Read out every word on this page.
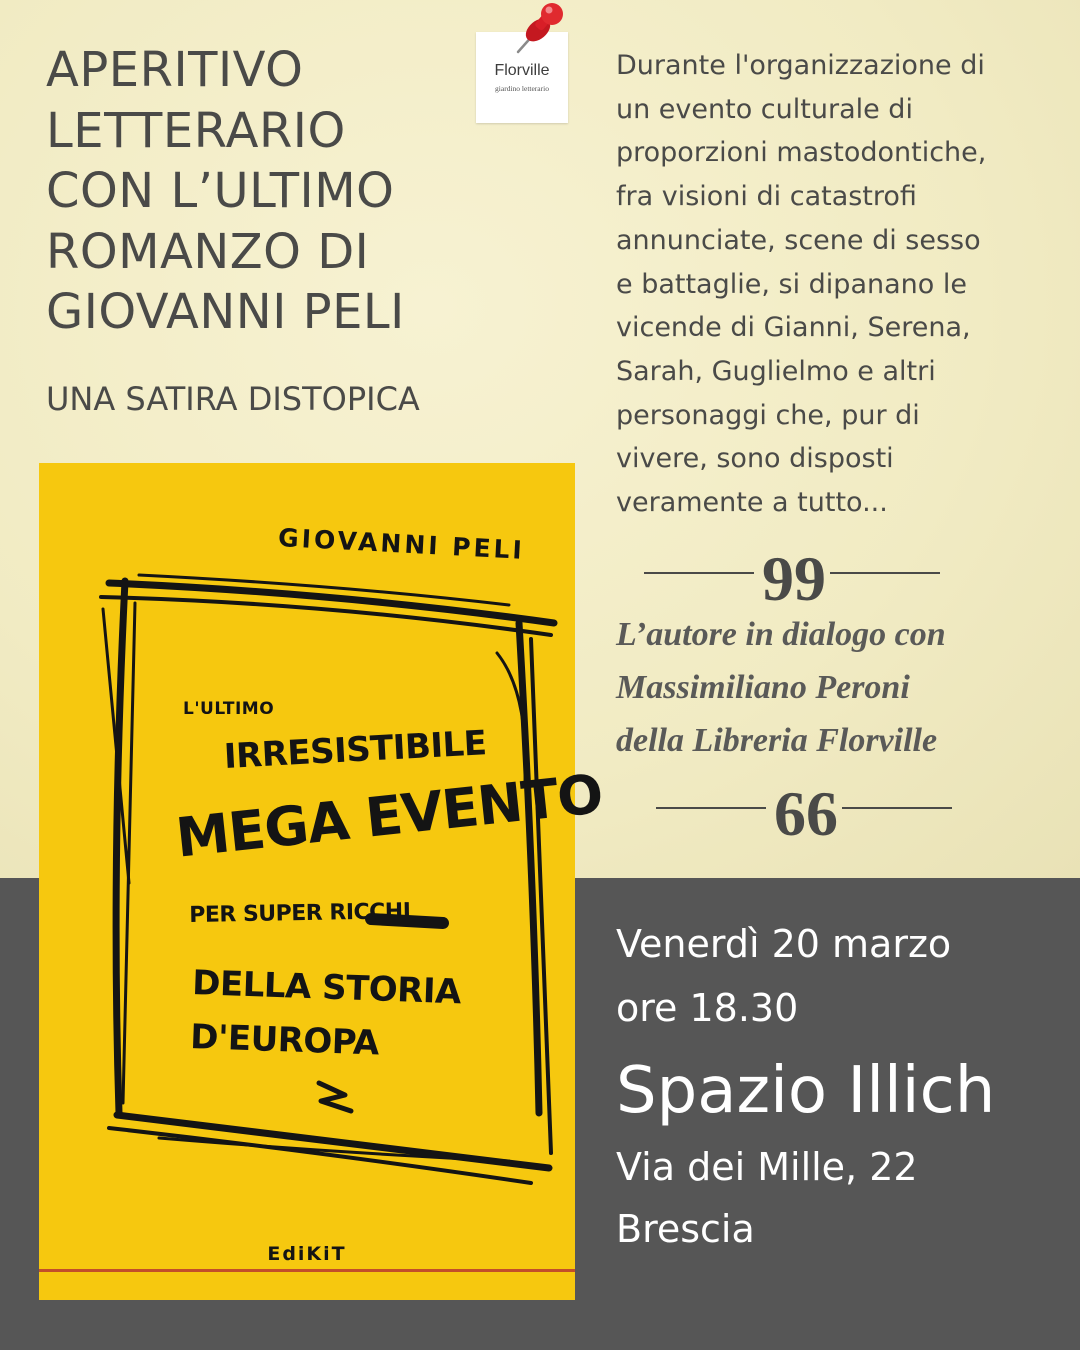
APERITIVO
LETTERARIO
CON L’ULTIMO
ROMANZO DI
GIOVANNI PELI
UNA SATIRA DISTOPICA
Florville
giardino letterario
Durante l'organizzazione di
un evento culturale di
proporzioni mastodontiche,
fra visioni di catastrofi
annunciate, scene di sesso
e battaglie, si dipanano le
vicende di Gianni, Serena,
Sarah, Guglielmo e altri
personaggi che, pur di
vivere, sono disposti
veramente a tutto...
99
L’autore in dialogo con
Massimiliano Peroni
della Libreria Florville
66
Venerdì 20 marzo
ore 18.30
Spazio Illich
Via dei Mille, 22
Brescia
GIOVANNI PELI
L'ULTIMO
IRRESISTIBILE
MEGA EVENTO
PER SUPER RICCHI
DELLA STORIA
D'EUROPA
EdiKiT
